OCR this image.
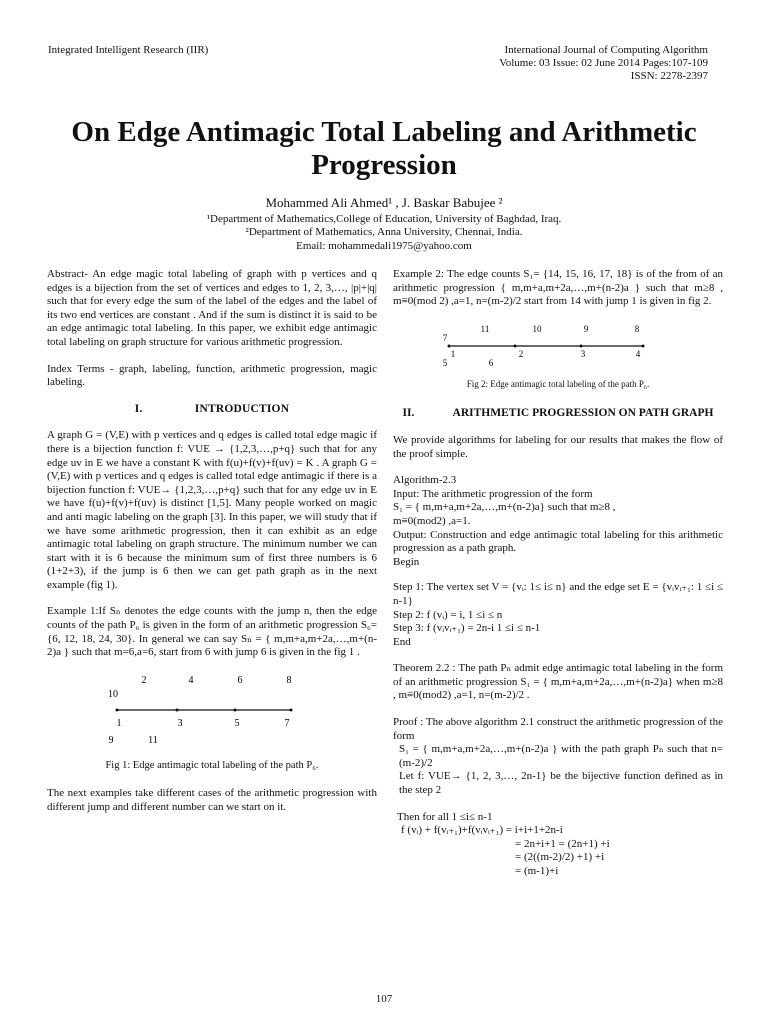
Integrated Intelligent Research (IIR)	International Journal of Computing Algorithm
Volume: 03 Issue: 02 June 2014 Pages:107-109
ISSN: 2278-2397
On Edge Antimagic Total Labeling and Arithmetic
Progression
Mohammed Ali Ahmed¹ , J. Baskar Babujee ²
¹Department of Mathematics,College of Education, University of Baghdad, Iraq.
²Department of Mathematics, Anna University, Chennai, India.
Email: mohammedali1975@yahoo.com

Abstract- An edge magic total labeling of graph with p vertices and q edges is a bijection from the set of vertices and edges to 1, 2, 3,…, |p|+|q| such that for every edge the sum of the label of the edges and the label of its two end vertices are constant . And if the sum is distinct it is said to be an edge antimagic total labeling. In this paper, we exhibit edge antimagic total labeling on graph structure for various arithmetic progression.

Index Terms - graph, labeling, function, arithmetic progression, magic labeling.

I.	INTRODUCTION

A graph G = (V,E) with p vertices and q edges is called total edge magic if there is a bijection function f: VUE → {1,2,3,…,p+q} such that for any edge uv in E we have a constant K with f(u)+f(v)+f(uv) = K . A graph G = (V,E) with p vertices and q edges is called total edge antimagic if there is a bijection function f: VUE→ {1,2,3,…,p+q} such that for any edge uv in E we have f(u)+f(v)+f(uv) is distinct [1,5]. Many people worked on magic and anti magic labeling on the graph [3]. In this paper, we will study that if we have some arithmetic progression, then it can exhibit as an edge antimagic total labeling on graph structure. The minimum number we can start with it is 6 because the minimum sum of first three numbers is 6 (1+2+3), if the jump is 6 then we can get path graph as in the next example (fig 1).

Example 1:If Sₙ denotes the edge counts with the jump n, then the edge counts of the path P₆ is given in the form of an arithmetic progression S₆= {6, 12, 18, 24, 30}. In general we can say Sₙ = { m,m+a,m+2a,…,m+(n-2)a } such that m=6,a=6, start from 6 with jump 6 is given in the fig 1 .

2	4	6	8
10
1	3	5	7
9	11
Fig 1: Edge antimagic total labeling of the path P₆.

The next examples take different cases of the arithmetic progression with different jump and different number can we start on it.

Example 2: The edge counts S₁= {14, 15, 16, 17, 18} is of the from of an arithmetic progression { m,m+a,m+2a,…,m+(n-2)a } such that m≥8 , m≡0(mod 2) ,a=1, n=(m-2)/2 start from 14 with jump 1 is given in fig 2.

11	10	9	8
7
1	2	3	4
5	6
Fig 2: Edge antimagic total labeling of the path P₆.
II.	ARITHMETIC PROGRESSION ON PATH GRAPH

We provide algorithms for labeling for our results that makes the flow of the proof simple.

Algorithm-2.3
Input: The arithmetic progression of the form
S₁ = { m,m+a,m+2a,…,m+(n-2)a} such that m≥8 ,
m≡0(mod2) ,a=1.
Output: Construction and edge antimagic total labeling for this arithmetic progression as a path graph.
Begin
Step 1: The vertex set V = {vᵢ: 1≤ i≤ n} and the edge set E = {vᵢvᵢ₊₁: 1 ≤i ≤ n-1}
Step 2: f (vᵢ) = i, 1 ≤i ≤ n
Step 3: f (vᵢvᵢ₊₁) = 2n-i 1 ≤i ≤ n-1
End

Theorem 2.2 : The path Pₙ admit edge antimagic total labeling in the form of an arithmetic progression S₁ = { m,m+a,m+2a,…,m+(n-2)a} when m≥8 , m≡0(mod2) ,a=1, n=(m-2)/2 .

Proof : The above algorithm 2.1 construct the arithmetic progression of the form
S₁ = { m,m+a,m+2a,…,m+(n-2)a } with the path graph Pₙ such that n=(m-2)/2
Let f: VUE→ {1, 2, 3,…, 2n-1} be the bijective function defined as in the step 2
Then for all 1 ≤i≤ n-1
f (vᵢ) + f(vᵢ₊₁)+f(vᵢvᵢ₊₁) = i+i+1+2n-i
= 2n+i+1 = (2n+1) +i
= (2((m-2)/2) +1) +i
= (m-1)+i
107
